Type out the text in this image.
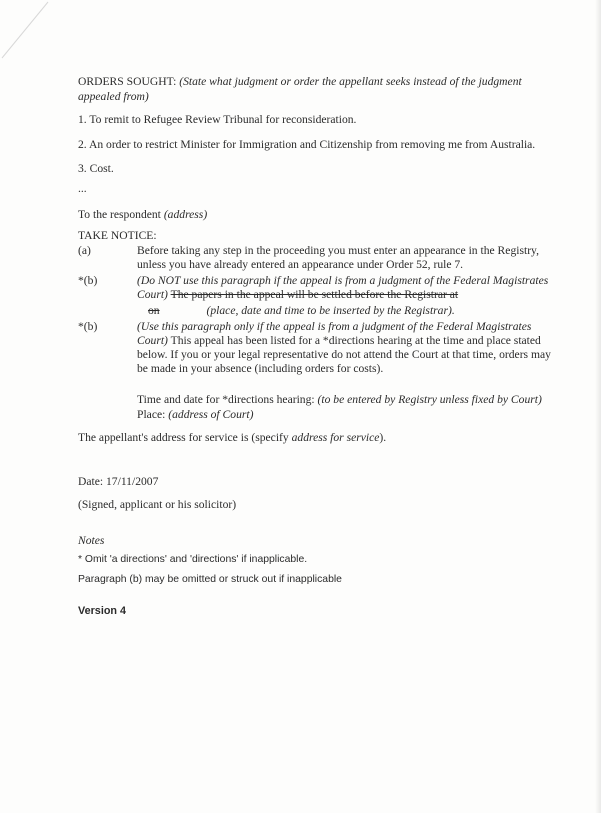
ORDERS SOUGHT: (State what judgment or order the appellant seeks instead of the judgment appealed from)
1. To remit to Refugee Review Tribunal for reconsideration.
2. An order to restrict Minister for Immigration and Citizenship from removing me from Australia.
3. Cost.
...
To the respondent (address)
TAKE NOTICE:
(a)	Before taking any step in the proceeding you must enter an appearance in the Registry, unless you have already entered an appearance under Order 52, rule 7.
*(b)	(Do NOT use this paragraph if the appeal is from a judgment of the Federal Magistrates Court) The papers in the appeal will be settled before the Registrar at
on	(place, date and time to be inserted by the Registrar).
*(b)	(Use this paragraph only if the appeal is from a judgment of the Federal Magistrates Court) This appeal has been listed for a *directions hearing at the time and place stated below. If you or your legal representative do not attend the Court at that time, orders may be made in your absence (including orders for costs).
Time and date for *directions hearing: (to be entered by Registry unless fixed by Court)
Place: (address of Court)
The appellant's address for service is (specify address for service).
Date: 17/11/2007
(Signed, applicant or his solicitor)
Notes
* Omit 'a directions' and 'directions' if inapplicable.
Paragraph (b) may be omitted or struck out if inapplicable
Version 4
